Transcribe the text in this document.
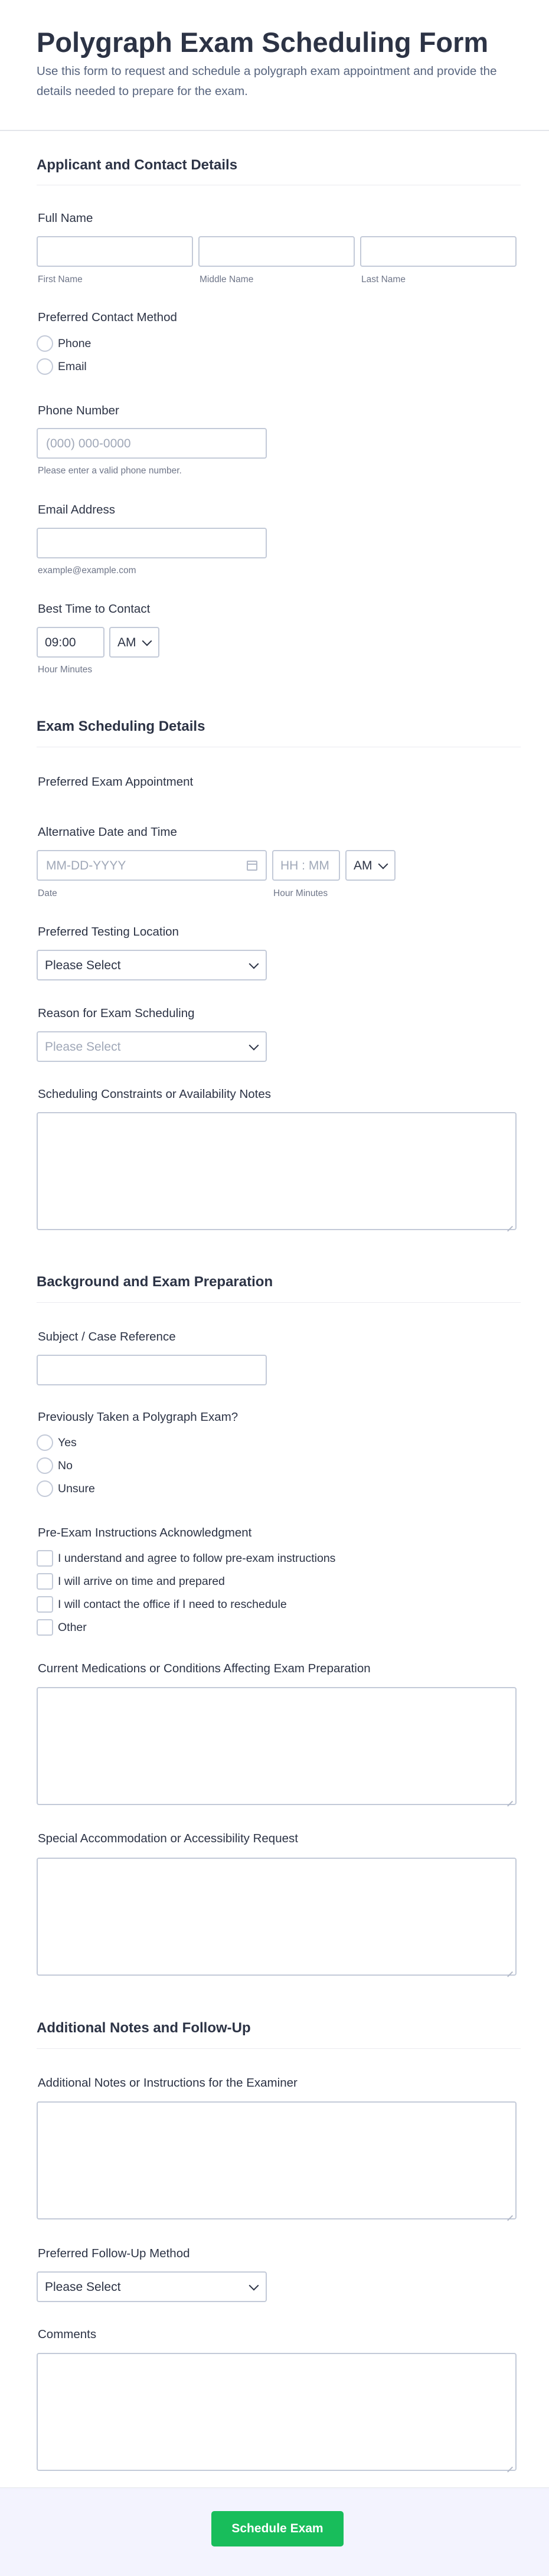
Polygraph Exam Scheduling Form
Use this form to request and schedule a polygraph exam appointment and provide the details needed to prepare for the exam.
Applicant and Contact Details
Full Name
First Name	Middle Name	Last Name
Preferred Contact Method
Phone
Email
Phone Number
(000) 000-0000
Please enter a valid phone number.
Email Address
example@example.com
Best Time to Contact
09:00	AM
Hour Minutes
Exam Scheduling Details
Preferred Exam Appointment
Alternative Date and Time
MM-DD-YYYY	HH : MM AM
Date	Hour Minutes
Preferred Testing Location
Please Select
Reason for Exam Scheduling
Please Select
Scheduling Constraints or Availability Notes
Background and Exam Preparation
Subject / Case Reference
Previously Taken a Polygraph Exam?
Yes
No
Unsure
Pre-Exam Instructions Acknowledgment
I understand and agree to follow pre-exam instructions
I will arrive on time and prepared
I will contact the office if I need to reschedule
Other
Current Medications or Conditions Affecting Exam Preparation
Special Accommodation or Accessibility Request
Additional Notes and Follow-Up
Additional Notes or Instructions for the Examiner
Preferred Follow-Up Method
Please Select
Comments
Schedule Exam
